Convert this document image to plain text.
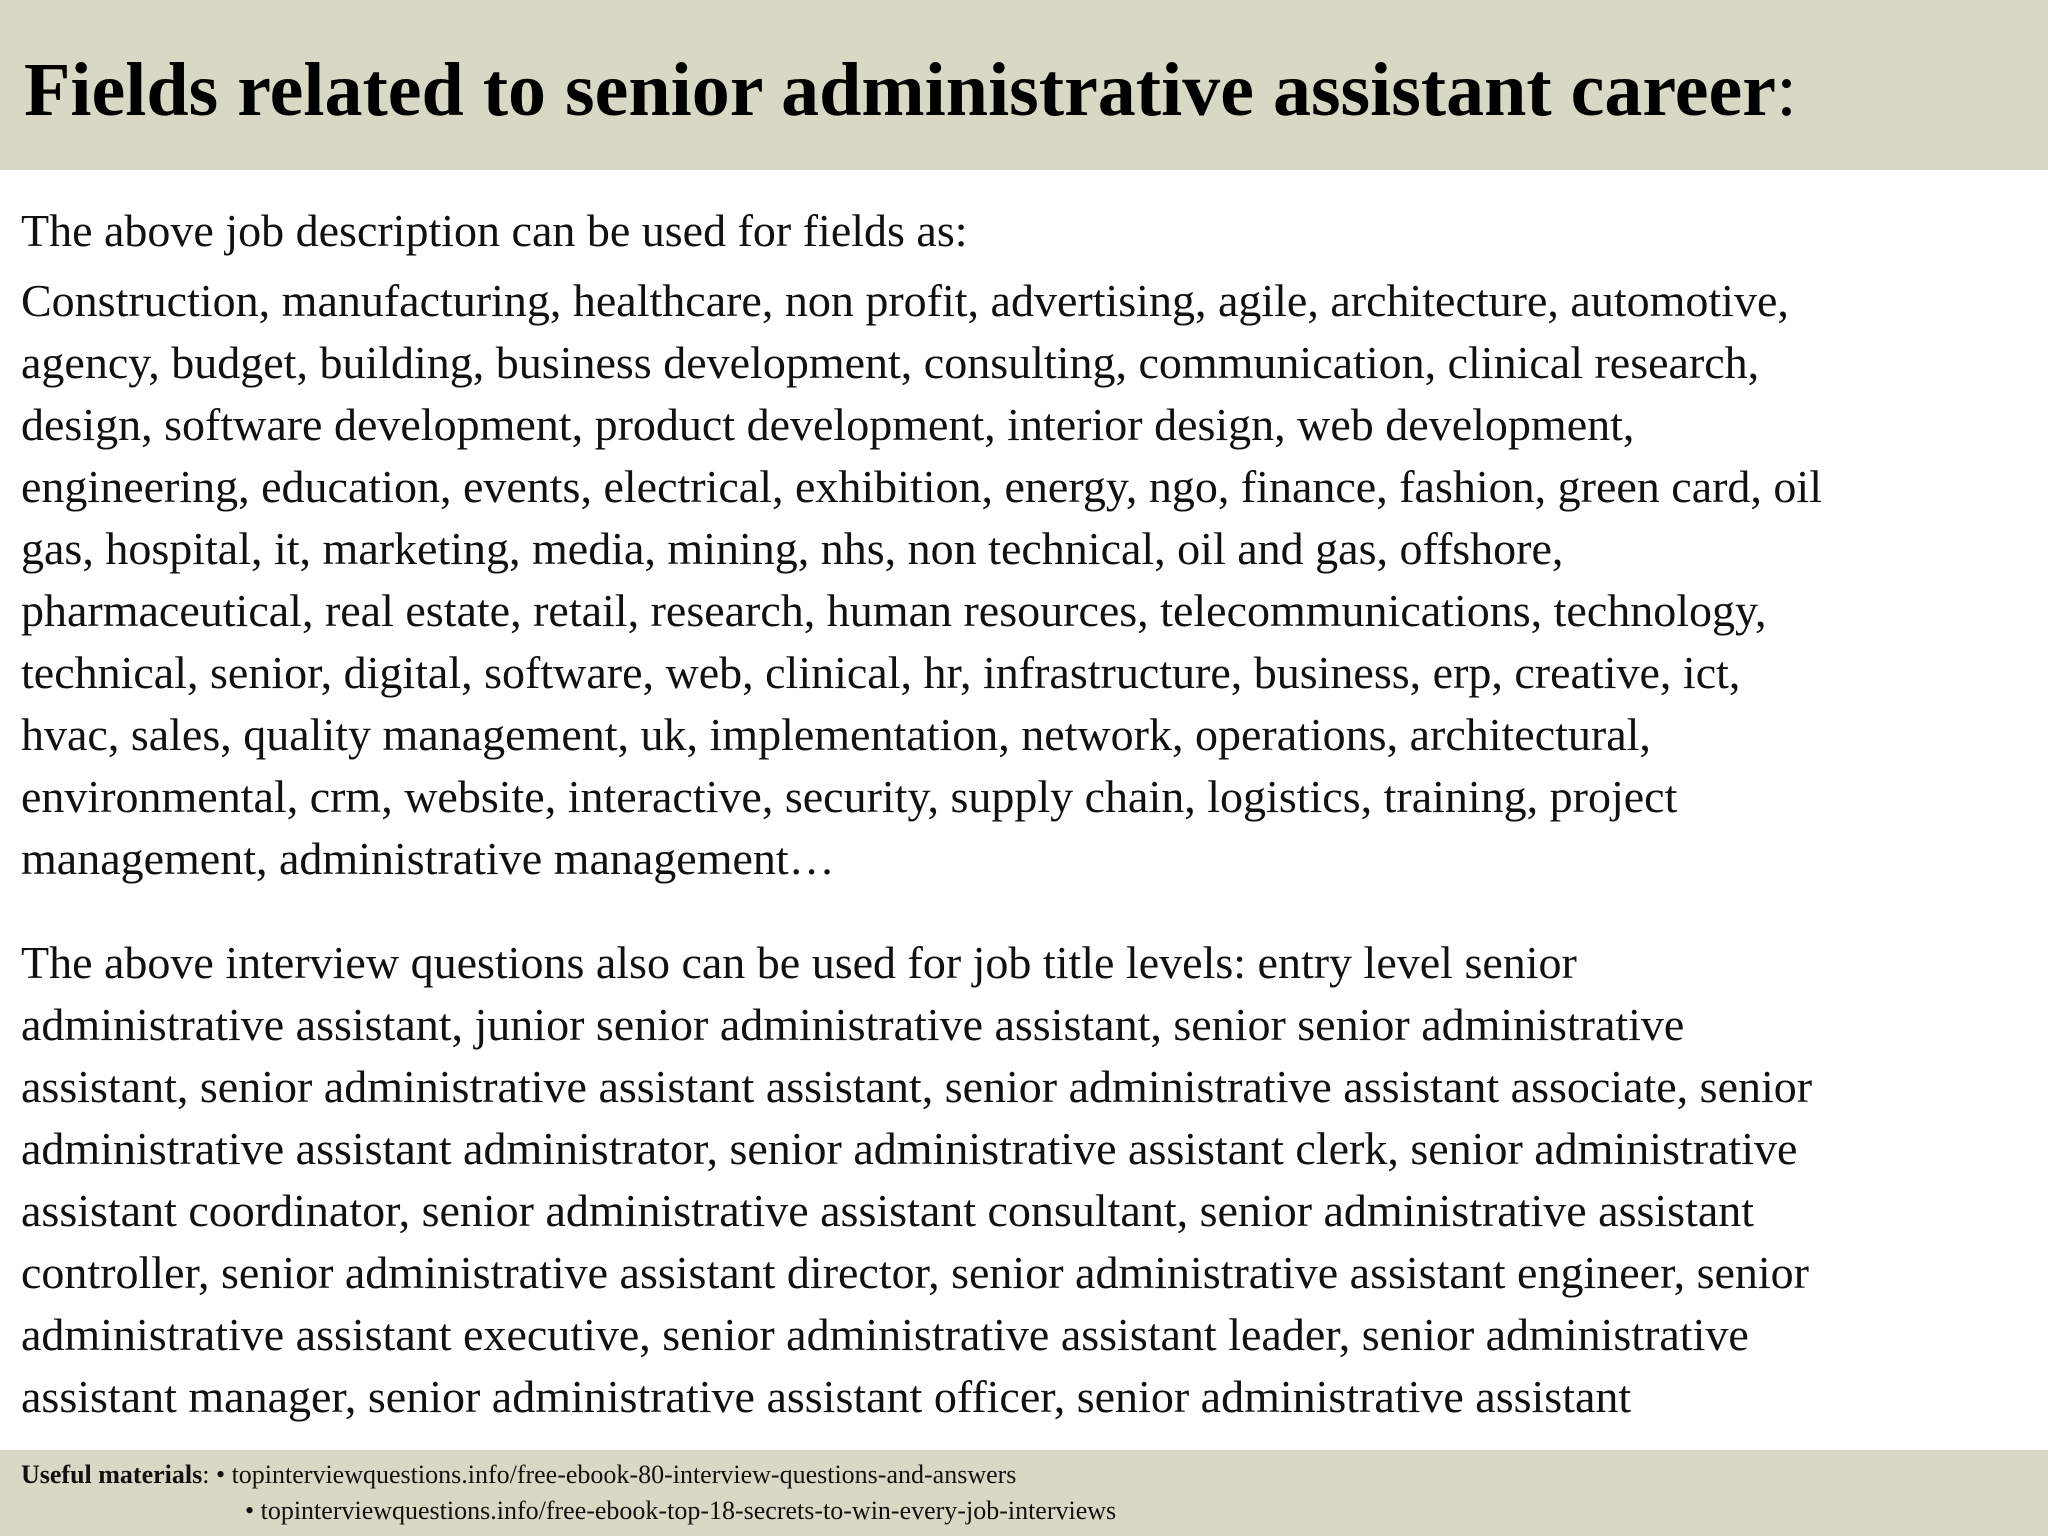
Fields related to senior administrative assistant career:

The above job description can be used for fields as:

Construction, manufacturing, healthcare, non profit, advertising, agile, architecture, automotive,
agency, budget, building, business development, consulting, communication, clinical research,
design, software development, product development, interior design, web development,
engineering, education, events, electrical, exhibition, energy, ngo, finance, fashion, green card, oil
gas, hospital, it, marketing, media, mining, nhs, non technical, oil and gas, offshore,
pharmaceutical, real estate, retail, research, human resources, telecommunications, technology,
technical, senior, digital, software, web, clinical, hr, infrastructure, business, erp, creative, ict,
hvac, sales, quality management, uk, implementation, network, operations, architectural,
environmental, crm, website, interactive, security, supply chain, logistics, training, project
management, administrative management…

The above interview questions also can be used for job title levels: entry level senior
administrative assistant, junior senior administrative assistant, senior senior administrative
assistant, senior administrative assistant assistant, senior administrative assistant associate, senior
administrative assistant administrator, senior administrative assistant clerk, senior administrative
assistant coordinator, senior administrative assistant consultant, senior administrative assistant
controller, senior administrative assistant director, senior administrative assistant engineer, senior
administrative assistant executive, senior administrative assistant leader, senior administrative
assistant manager, senior administrative assistant officer, senior administrative assistant

Useful materials: • topinterviewquestions.info/free-ebook-80-interview-questions-and-answers
• topinterviewquestions.info/free-ebook-top-18-secrets-to-win-every-job-interviews
